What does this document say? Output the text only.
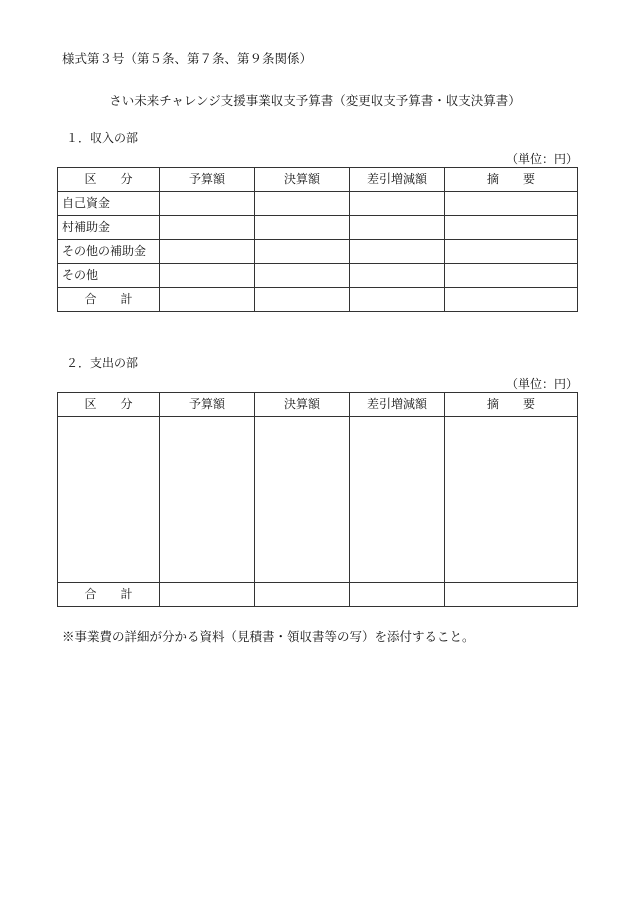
様式第３号（第５条、第７条、第９条関係）
さい未来チャレンジ支援事業収支予算書（変更収支予算書・収支決算書）
１．収入の部
（単位：円）
区　　分	予算額	決算額	差引増減額	摘　　要
自己資金				
村補助金				
その他の補助金				
その他				
合　　計				
２．支出の部
（単位：円）
区　　分	予算額	決算額	差引増減額	摘　　要

合　　計				
※事業費の詳細が分かる資料（見積書・領収書等の写）を添付すること。
